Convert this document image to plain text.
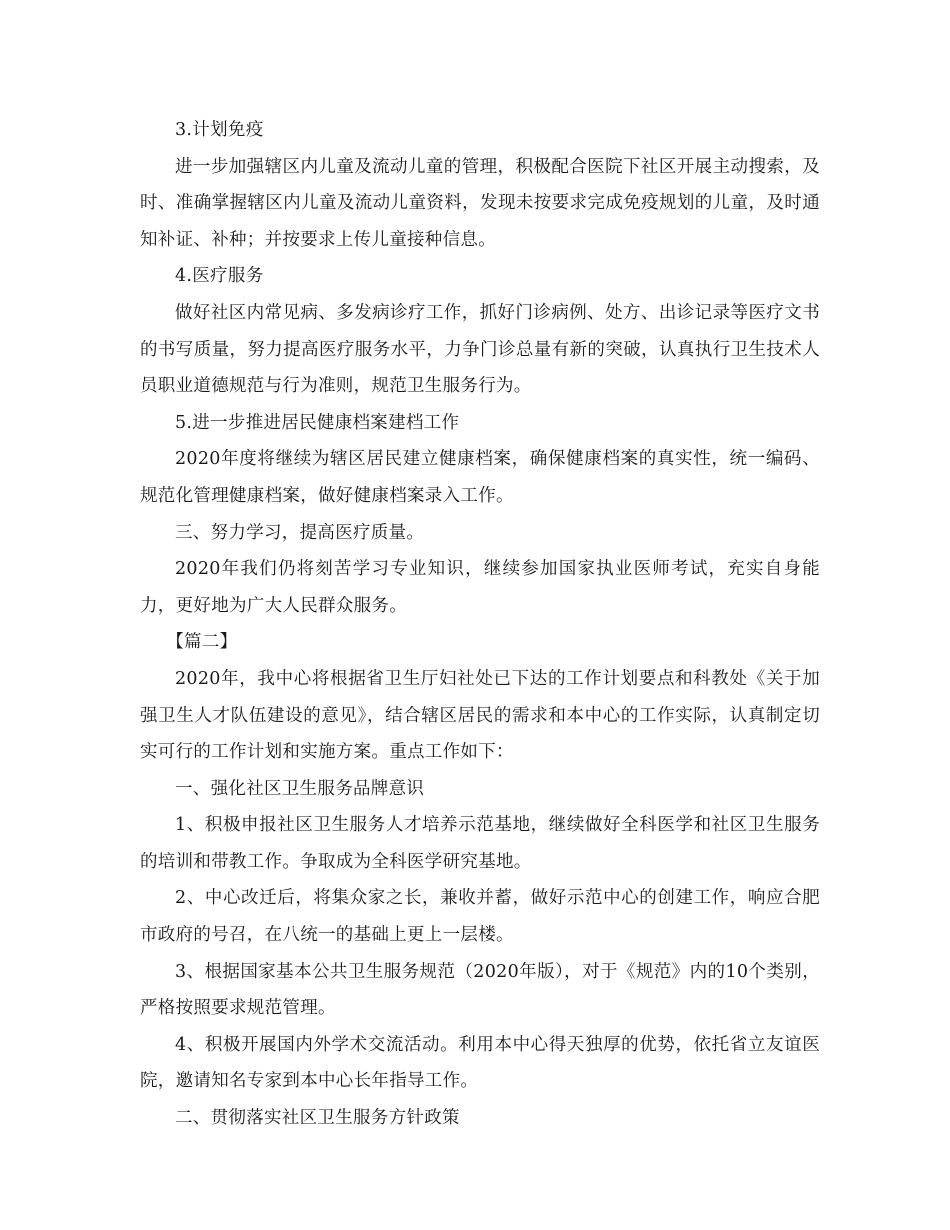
3.计划免疫

进一步加强辖区内儿童及流动儿童的管理，积极配合医院下社区开展主动搜索，及时、准确掌握辖区内儿童及流动儿童资料，发现未按要求完成免疫规划的儿童，及时通知补证、补种；并按要求上传儿童接种信息。

4.医疗服务

做好社区内常见病、多发病诊疗工作，抓好门诊病例、处方、出诊记录等医疗文书的书写质量，努力提高医疗服务水平，力争门诊总量有新的突破，认真执行卫生技术人员职业道德规范与行为准则，规范卫生服务行为。

5.进一步推进居民健康档案建档工作

2020年度将继续为辖区居民建立健康档案，确保健康档案的真实性，统一编码、规范化管理健康档案，做好健康档案录入工作。

三、努力学习，提高医疗质量。

2020年我们仍将刻苦学习专业知识，继续参加国家执业医师考试，充实自身能力，更好地为广大人民群众服务。

【篇二】

2020年，我中心将根据省卫生厅妇社处已下达的工作计划要点和科教处《关于加强卫生人才队伍建设的意见》，结合辖区居民的需求和本中心的工作实际，认真制定切实可行的工作计划和实施方案。重点工作如下：

一、强化社区卫生服务品牌意识

1、积极申报社区卫生服务人才培养示范基地，继续做好全科医学和社区卫生服务的培训和带教工作。争取成为全科医学研究基地。

2、中心改迁后，将集众家之长，兼收并蓄，做好示范中心的创建工作，响应合肥市政府的号召，在八统一的基础上更上一层楼。

3、根据国家基本公共卫生服务规范（2020年版），对于《规范》内的10个类别，严格按照要求规范管理。

4、积极开展国内外学术交流活动。利用本中心得天独厚的优势，依托省立友谊医院，邀请知名专家到本中心长年指导工作。

二、贯彻落实社区卫生服务方针政策
